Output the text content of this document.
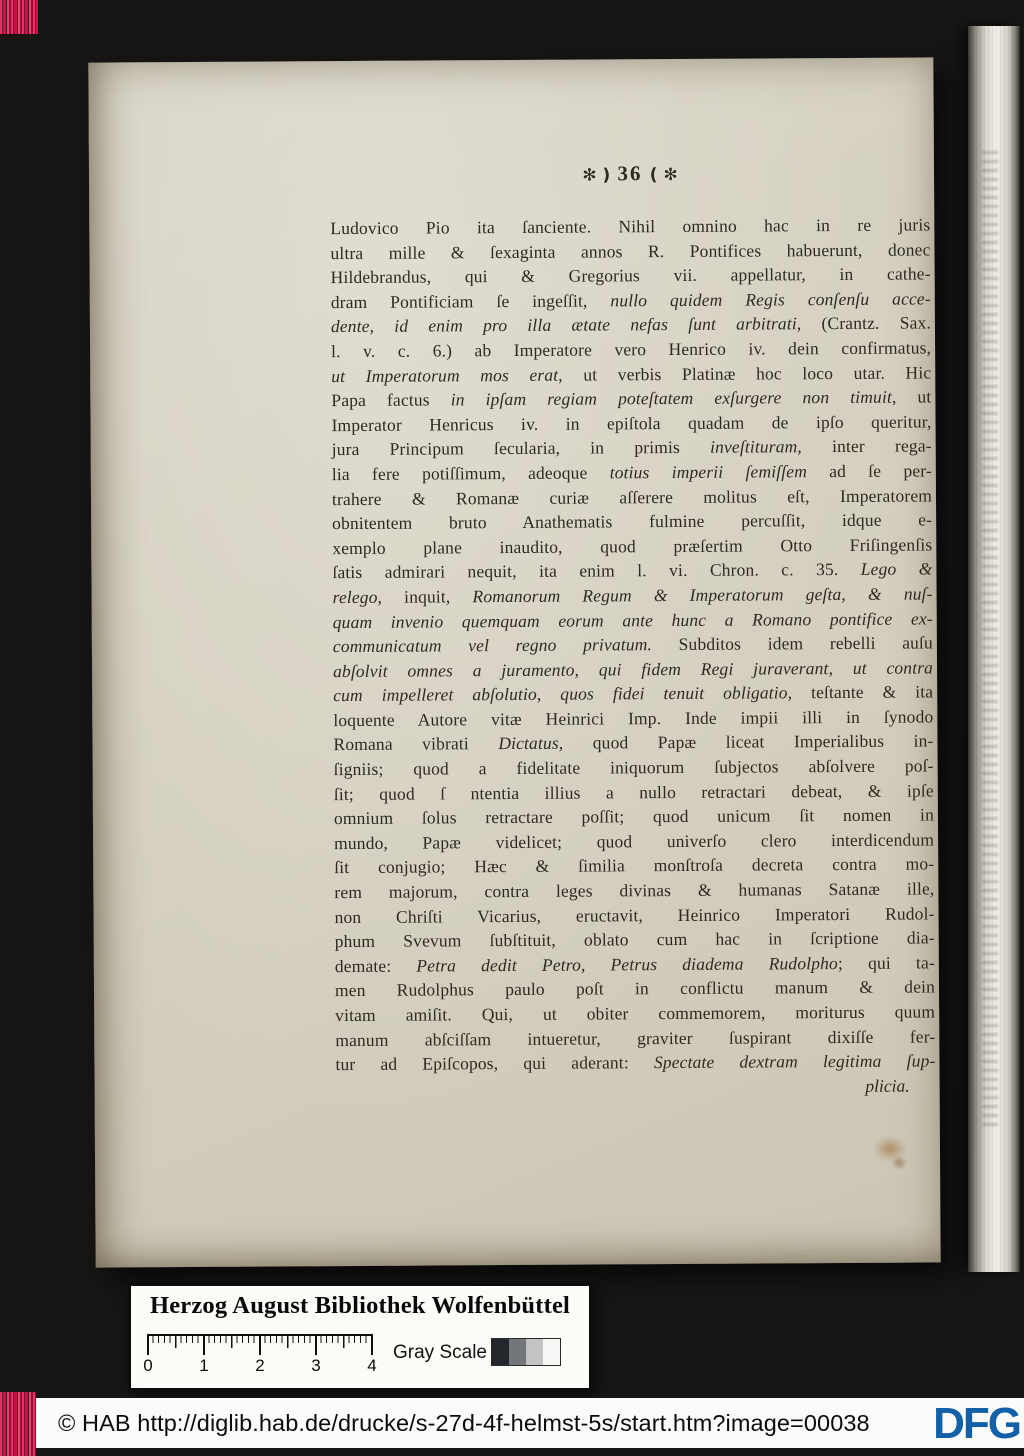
✻ ) 36 ( ✻
Ludovico Pio ita ſanciente. Nihil omnino hac in re juris
ultra mille & ſexaginta annos R. Pontifices habuerunt, donec
Hildebrandus, qui & Gregorius vii. appellatur, in cathe-
dram Pontificiam ſe ingeſſit, nullo quidem Regis conſenſu acce-
dente, id enim pro illa ætate nefas ſunt arbitrati, (Crantz. Sax.
l. v. c. 6.) ab Imperatore vero Henrico iv. dein confirmatus,
ut Imperatorum mos erat, ut verbis Platinæ hoc loco utar. Hic
Papa factus in ipſam regiam poteſtatem exſurgere non timuit, ut
Imperator Henricus iv. in epiſtola quadam de ipſo queritur,
jura Principum ſecularia, in primis inveſtituram, inter rega-
lia fere potiſſimum, adeoque totius imperii ſemiſſem ad ſe per-
trahere & Romanæ curiæ aſſerere molitus eſt, Imperatorem
obnitentem bruto Anathematis fulmine percuſſit, idque e-
xemplo plane inaudito, quod præſertim Otto Friſingenſis
ſatis admirari nequit, ita enim l. vi. Chron. c. 35. Lego &
relego, inquit, Romanorum Regum & Imperatorum geſta, & nuſ-
quam invenio quemquam eorum ante hunc a Romano pontifice ex-
communicatum vel regno privatum. Subditos idem rebelli auſu
abſolvit omnes a juramento, qui fidem Regi juraverant, ut contra
cum impelleret abſolutio, quos fidei tenuit obligatio, teſtante & ita
loquente Autore vitæ Heinrici Imp. Inde impii illi in ſynodo
Romana vibrati Dictatus, quod Papæ liceat Imperialibus in-
ſigniis; quod a fidelitate iniquorum ſubjectos abſolvere poſ-
ſit; quod ſ ntentia illius a nullo retractari debeat, & ipſe
omnium ſolus retractare poſſit; quod unicum ſit nomen in
mundo, Papæ videlicet; quod univerſo clero interdicendum
ſit conjugio; Hæc & ſimilia monſtroſa decreta contra mo-
rem majorum, contra leges divinas & humanas Satanæ ille,
non Chriſti Vicarius, eructavit, Heinrico Imperatori Rudol-
phum Svevum ſubſtituit, oblato cum hac in ſcriptione dia-
demate: Petra dedit Petro, Petrus diadema Rudolpho; qui ta-
men Rudolphus paulo poſt in conflictu manum & dein
vitam amiſit. Qui, ut obiter commemorem, moriturus quum
manum abſciſſam intueretur, graviter ſuspirant dixiſſe fer-
tur ad Epiſcopos, qui aderant: Spectate dextram legitima ſup-
plicia.
Herzog August Bibliothek Wolfenbüttel
0	1	2	3	4
Gray Scale
© HAB http://diglib.hab.de/drucke/s-27d-4f-helmst-5s/start.htm?image=00038 DFG
